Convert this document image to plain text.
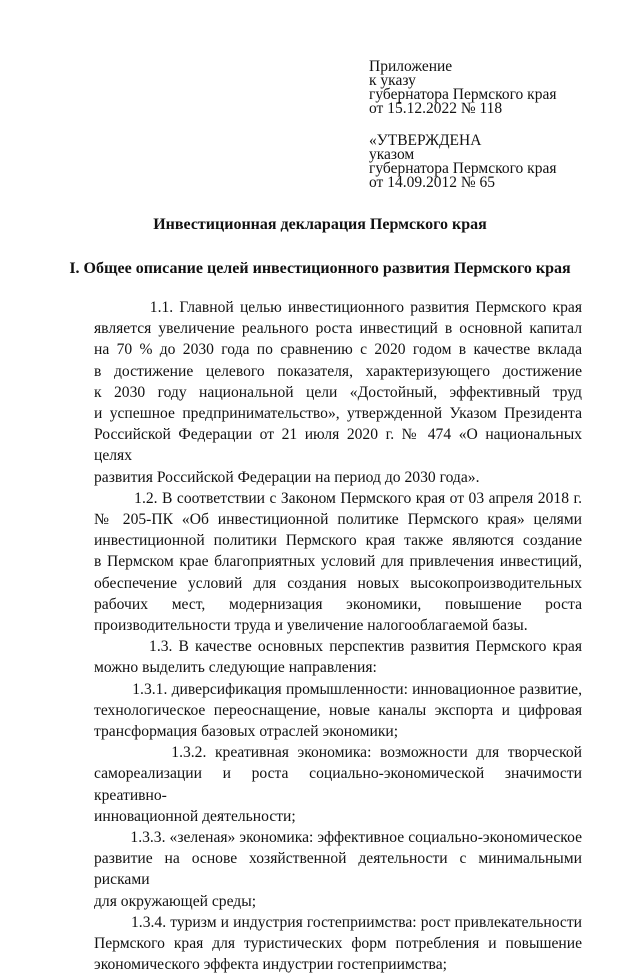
Приложение
к указу
губернатора Пермского края
от 15.12.2022 № 118
«УТВЕРЖДЕНА
указом
губернатора Пермского края
от 14.09.2012 № 65
Инвестиционная декларация Пермского края
I. Общее описание целей инвестиционного развития Пермского края

1.1. Главной целью инвестиционного развития Пермского края

является увеличение реального роста инвестиций в основной капитал

на 70 % до 2030 года по сравнению с 2020 годом в качестве вклада

в достижение целевого показателя, характеризующего достижение

к 2030 году национальной цели «Достойный, эффективный труд

и успешное предпринимательство», утвержденной Указом Президента

Российской Федерации от 21 июля 2020 г. № 474 «О национальных целях

развития Российской Федерации на период до 2030 года».

1.2. В соответствии с Законом Пермского края от 03 апреля 2018 г.

№ 205-ПК «Об инвестиционной политике Пермского края» целями

инвестиционной политики Пермского края также являются создание

в Пермском крае благоприятных условий для привлечения инвестиций,

обеспечение условий для создания новых высокопроизводительных

рабочих мест, модернизация экономики, повышение роста

производительности труда и увеличение налогооблагаемой базы.

1.3. В качестве основных перспектив развития Пермского края

можно выделить следующие направления:

1.3.1. диверсификация промышленности: инновационное развитие,

технологическое переоснащение, новые каналы экспорта и цифровая

трансформация базовых отраслей экономики;

1.3.2. креативная экономика: возможности для творческой

самореализации и роста социально-экономической значимости креативно-

инновационной деятельности;

1.3.3. «зеленая» экономика: эффективное социально-экономическое

развитие на основе хозяйственной деятельности с минимальными рисками

для окружающей среды;

1.3.4. туризм и индустрия гостеприимства: рост привлекательности

Пермского края для туристических форм потребления и повышение

экономического эффекта индустрии гостеприимства;
